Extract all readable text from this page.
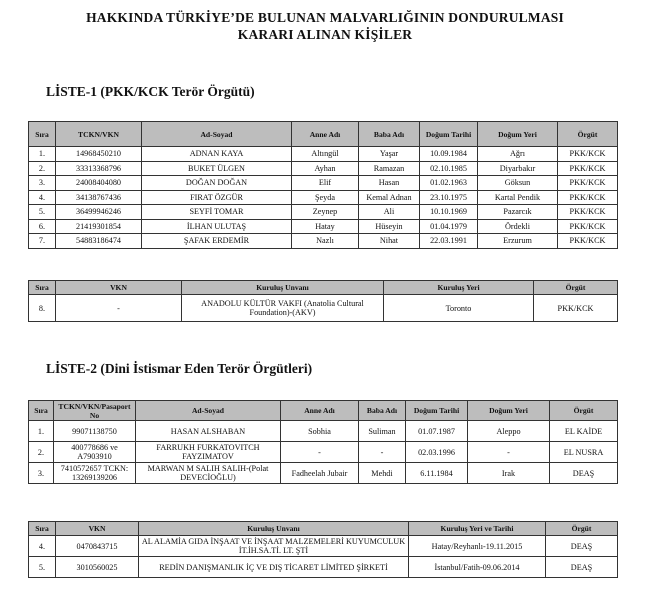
HAKKINDA TÜRKİYE’DE BULUNAN MALVARLIĞININ DONDURULMASI
KARARI ALINAN KİŞİLER
LİSTE-1 (PKK/KCK Terör Örgütü)
Sıra	TCKN/VKN	Ad-Soyad	Anne Adı	Baba Adı	Doğum Tarihi	Doğum Yeri	Örgüt
1.	14968450210	ADNAN KAYA	Altıngül	Yaşar	10.09.1984	Ağrı	PKK/KCK
2.	33313368796	BUKET ÜLGEN	Ayhan	Ramazan	02.10.1985	Diyarbakır	PKK/KCK
3.	24008404080	DOĞAN DOĞAN	Elif	Hasan	01.02.1963	Göksun	PKK/KCK
4.	34138767436	FIRAT ÖZGÜR	Şeyda	Kemal Adnan	23.10.1975	Kartal Pendik	PKK/KCK
5.	36499946246	SEYFİ TOMAR	Zeynep	Ali	10.10.1969	Pazarcık	PKK/KCK
6.	21419301854	İLHAN ULUTAŞ	Hatay	Hüseyin	01.04.1979	Ördekli	PKK/KCK
7.	54883186474	ŞAFAK ERDEMİR	Nazlı	Nihat	22.03.1991	Erzurum	PKK/KCK
Sıra	VKN	Kuruluş Unvanı	Kuruluş Yeri	Örgüt
8.	-	ANADOLU KÜLTÜR VAKFI (Anatolia Cultural Foundation)-(AKV)	Toronto	PKK/KCK
LİSTE-2 (Dini İstismar Eden Terör Örgütleri)
Sıra	TCKN/VKN/Pasaport No	Ad-Soyad	Anne Adı	Baba Adı	Doğum Tarihi	Doğum Yeri	Örgüt
1.	99071138750	HASAN ALSHABAN	Sobhia	Suliman	01.07.1987	Aleppo	EL KAİDE
2.	400778686 ve A7903910	FARRUKH FURKATOVITCH FAYZIMATOV	-	-	02.03.1996	-	EL NUSRA
3.	7410572657 TCKN: 13269139206	MARWAN M SALIH SALIH-(Polat DEVECİOĞLU)	Fadheelah Jubair	Mehdi	6.11.1984	Irak	DEAŞ
Sıra	VKN	Kuruluş Unvanı	Kuruluş Yeri ve Tarihi	Örgüt
4.	0470843715	AL ALAMİA GIDA İNŞAAT VE İNŞAAT MALZEMELERİ KUYUMCULUK İT.İH.SA.Tİ. LT. ŞTİ	Hatay/Reyhanlı-19.11.2015	DEAŞ
5.	3010560025	REDİN DANIŞMANLIK İÇ VE DIŞ TİCARET LİMİTED ŞİRKETİ	İstanbul/Fatih-09.06.2014	DEAŞ
